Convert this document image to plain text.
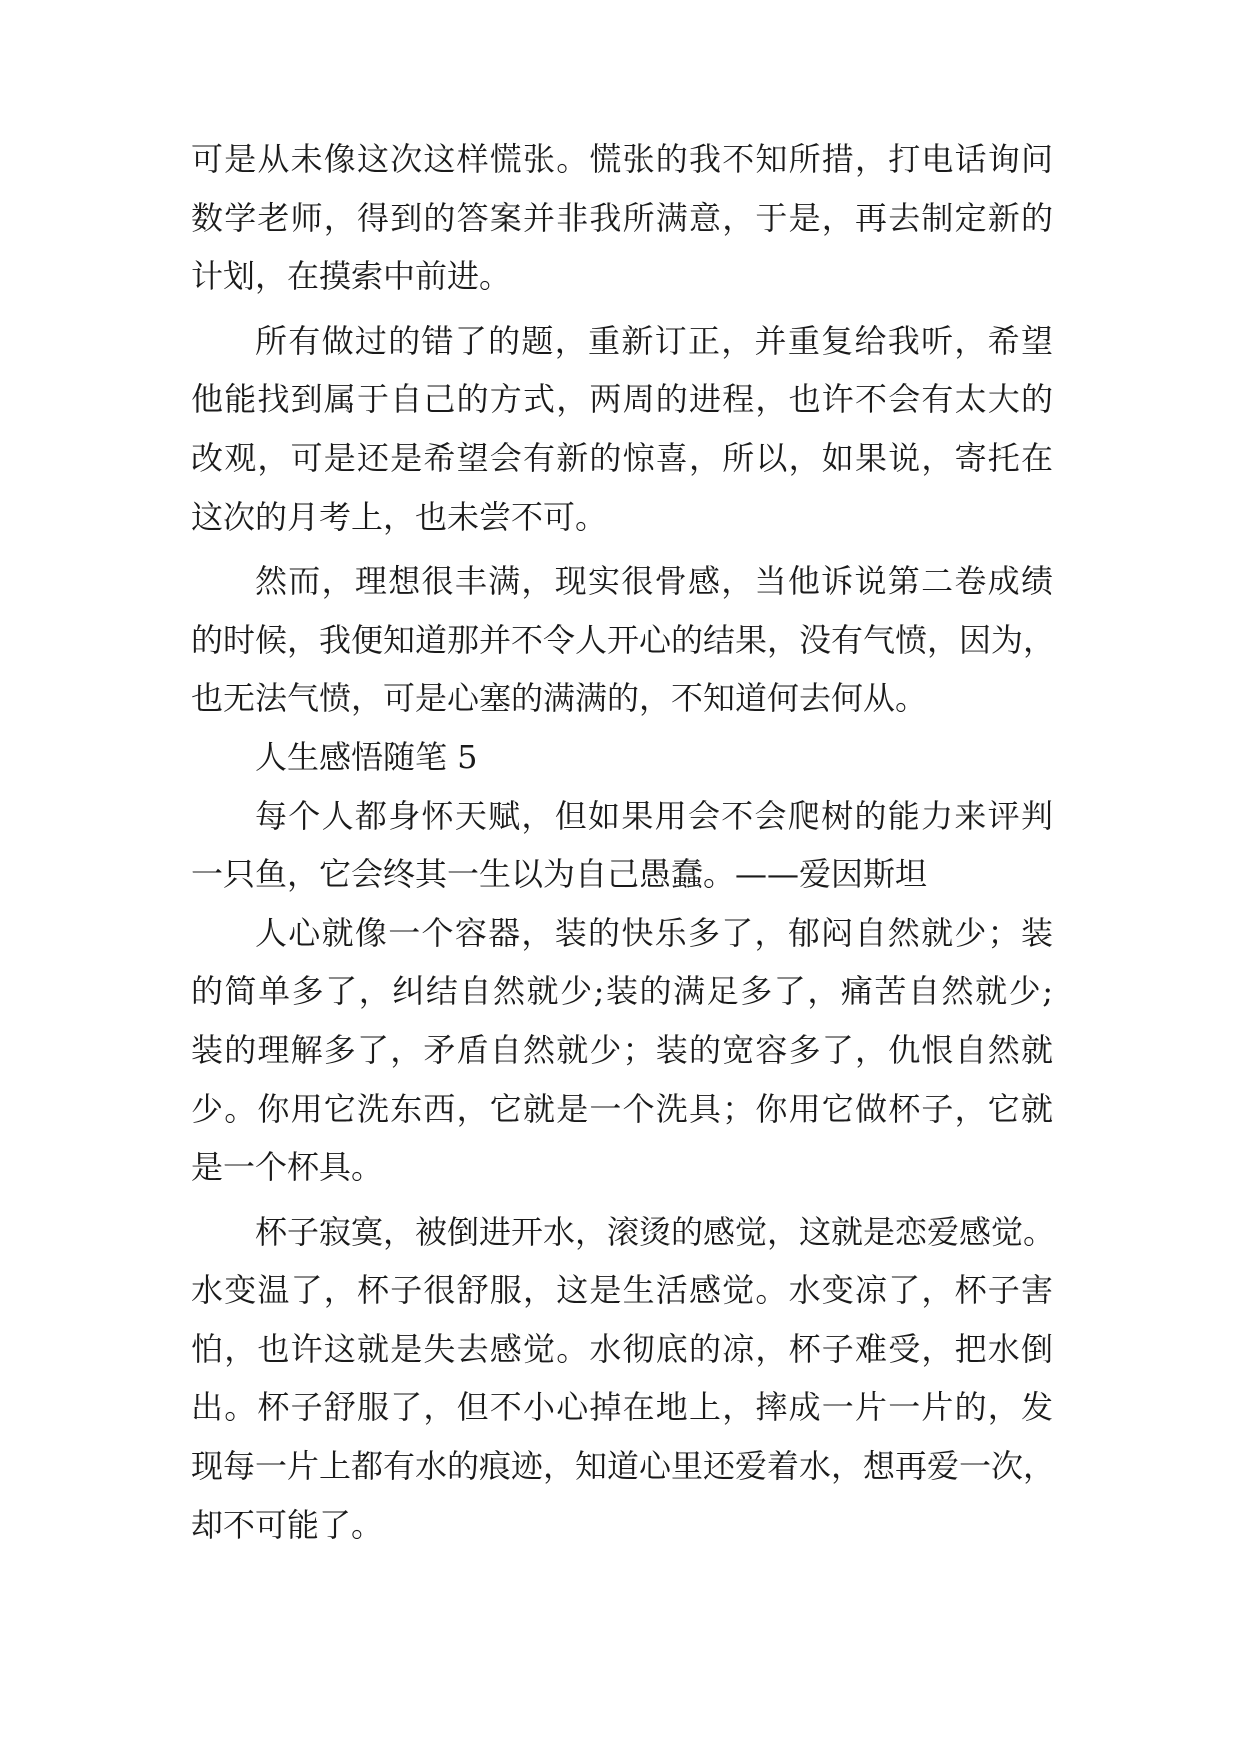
可是从未像这次这样慌张。慌张的我不知所措，打电话询问
数学老师，得到的答案并非我所满意，于是，再去制定新的
计划，在摸索中前进。
所有做过的错了的题，重新订正，并重复给我听，希望
他能找到属于自己的方式，两周的进程，也许不会有太大的
改观，可是还是希望会有新的惊喜，所以，如果说，寄托在
这次的月考上，也未尝不可。
然而，理想很丰满，现实很骨感，当他诉说第二卷成绩
的时候，我便知道那并不令人开心的结果，没有气愤，因为，
也无法气愤，可是心塞的满满的，不知道何去何从。
人生感悟随笔 5
每个人都身怀天赋，但如果用会不会爬树的能力来评判
一只鱼，它会终其一生以为自己愚蠢。——爱因斯坦
人心就像一个容器，装的快乐多了，郁闷自然就少；装
的简单多了，纠结自然就少;装的满足多了，痛苦自然就少;
装的理解多了，矛盾自然就少；装的宽容多了，仇恨自然就
少。你用它洗东西，它就是一个洗具；你用它做杯子，它就
是一个杯具。
杯子寂寞，被倒进开水，滚烫的感觉，这就是恋爱感觉。
水变温了，杯子很舒服，这是生活感觉。水变凉了，杯子害
怕，也许这就是失去感觉。水彻底的凉，杯子难受，把水倒
出。杯子舒服了，但不小心掉在地上，摔成一片一片的，发
现每一片上都有水的痕迹，知道心里还爱着水，想再爱一次，
却不可能了。
